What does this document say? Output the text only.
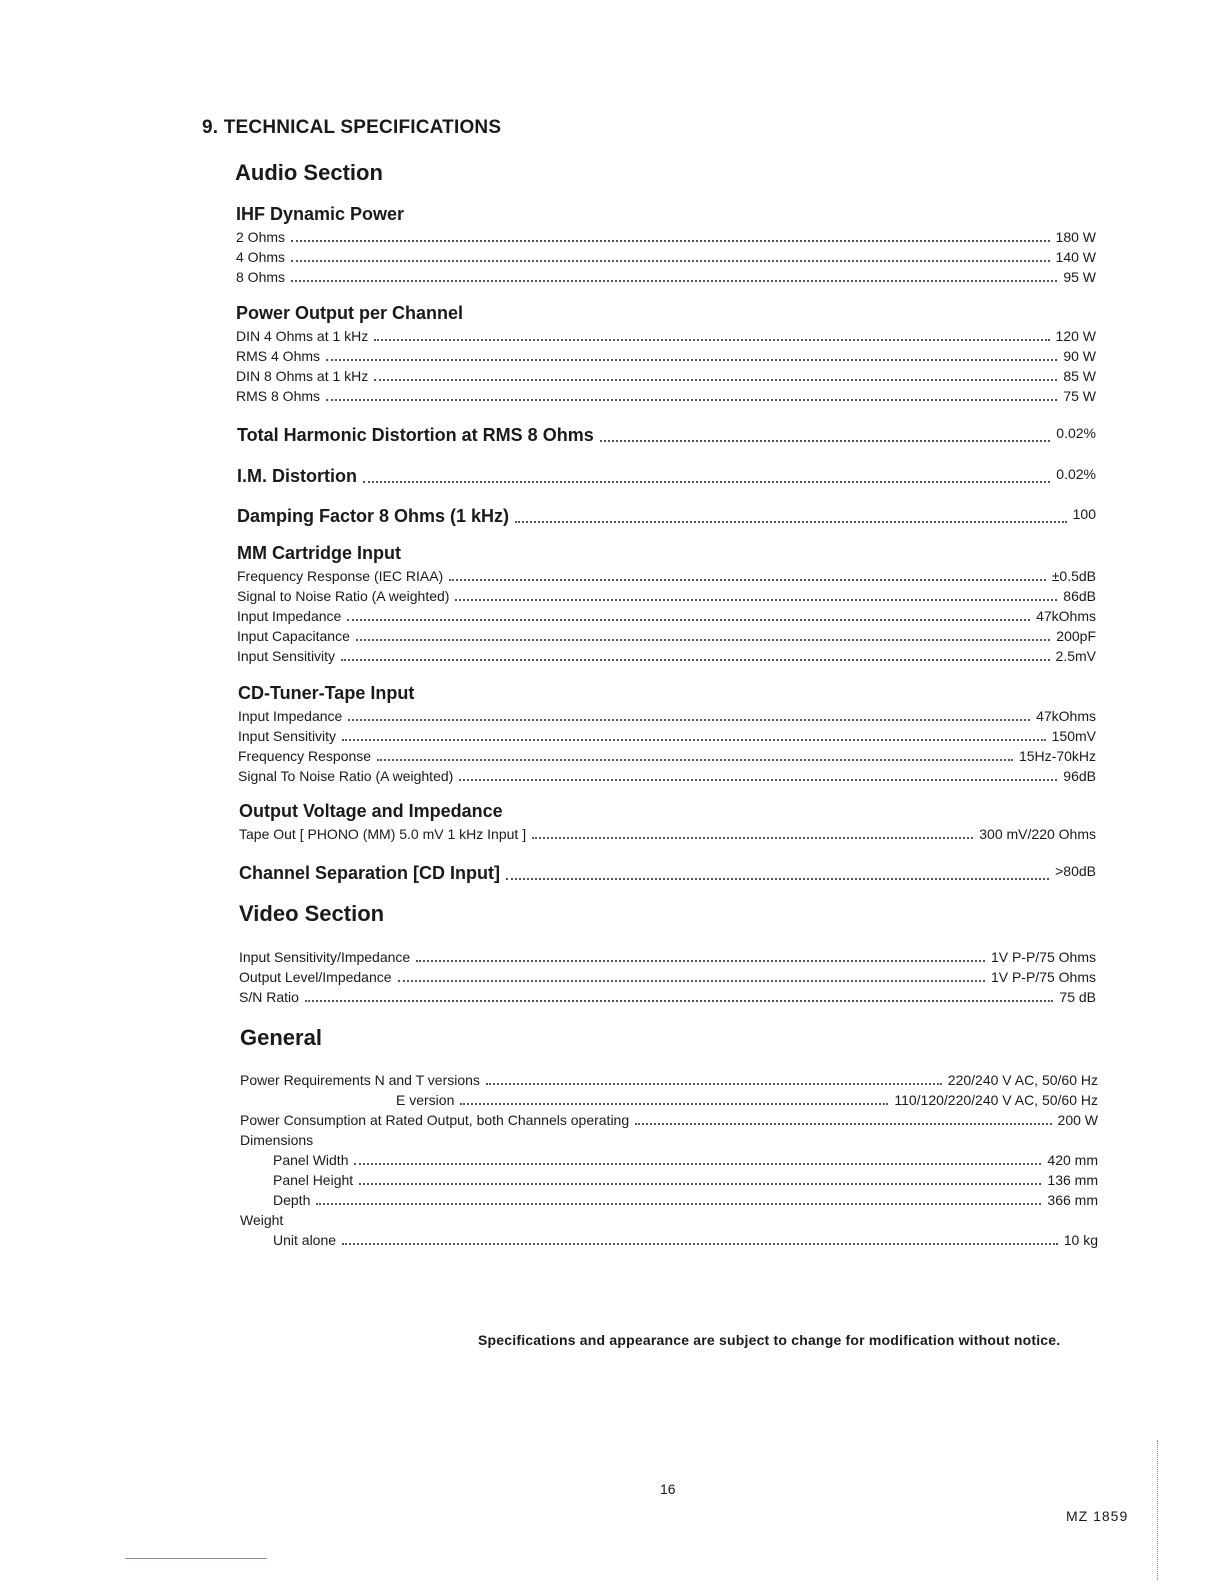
9. TECHNICAL SPECIFICATIONS
Audio Section
IHF Dynamic Power
2 Ohms	180 W
4 Ohms	140 W
8 Ohms	95 W
Power Output per Channel
DIN 4 Ohms at 1 kHz	120 W
RMS 4 Ohms	90 W
DIN 8 Ohms at 1 kHz	85 W
RMS 8 Ohms	75 W
Total Harmonic Distortion at RMS 8 Ohms	0.02%
I.M. Distortion	0.02%
Damping Factor 8 Ohms (1 kHz)	100
MM Cartridge Input
Frequency Response (IEC RIAA)	±0.5dB
Signal to Noise Ratio (A weighted)	86dB
Input Impedance	47kOhms
Input Capacitance	200pF
Input Sensitivity	2.5mV
CD-Tuner-Tape Input
Input Impedance	47kOhms
Input Sensitivity	150mV
Frequency Response	15Hz-70kHz
Signal To Noise Ratio (A weighted)	96dB
Output Voltage and Impedance
Tape Out [ PHONO (MM) 5.0 mV 1 kHz Input ]	300 mV/220 Ohms
Channel Separation [CD Input]	>80dB
Video Section
Input Sensitivity/Impedance	1V P-P/75 Ohms
Output Level/Impedance	1V P-P/75 Ohms
S/N Ratio	75 dB
General
Power Requirements N and T versions	220/240 V AC, 50/60 Hz
E version	110/120/220/240 V AC, 50/60 Hz
Power Consumption at Rated Output, both Channels operating	200 W
Dimensions
Panel Width	420 mm
Panel Height	136 mm
Depth	366 mm
Weight
Unit alone	10 kg
Specifications and appearance are subject to change for modification without notice.
16
MZ 1859
